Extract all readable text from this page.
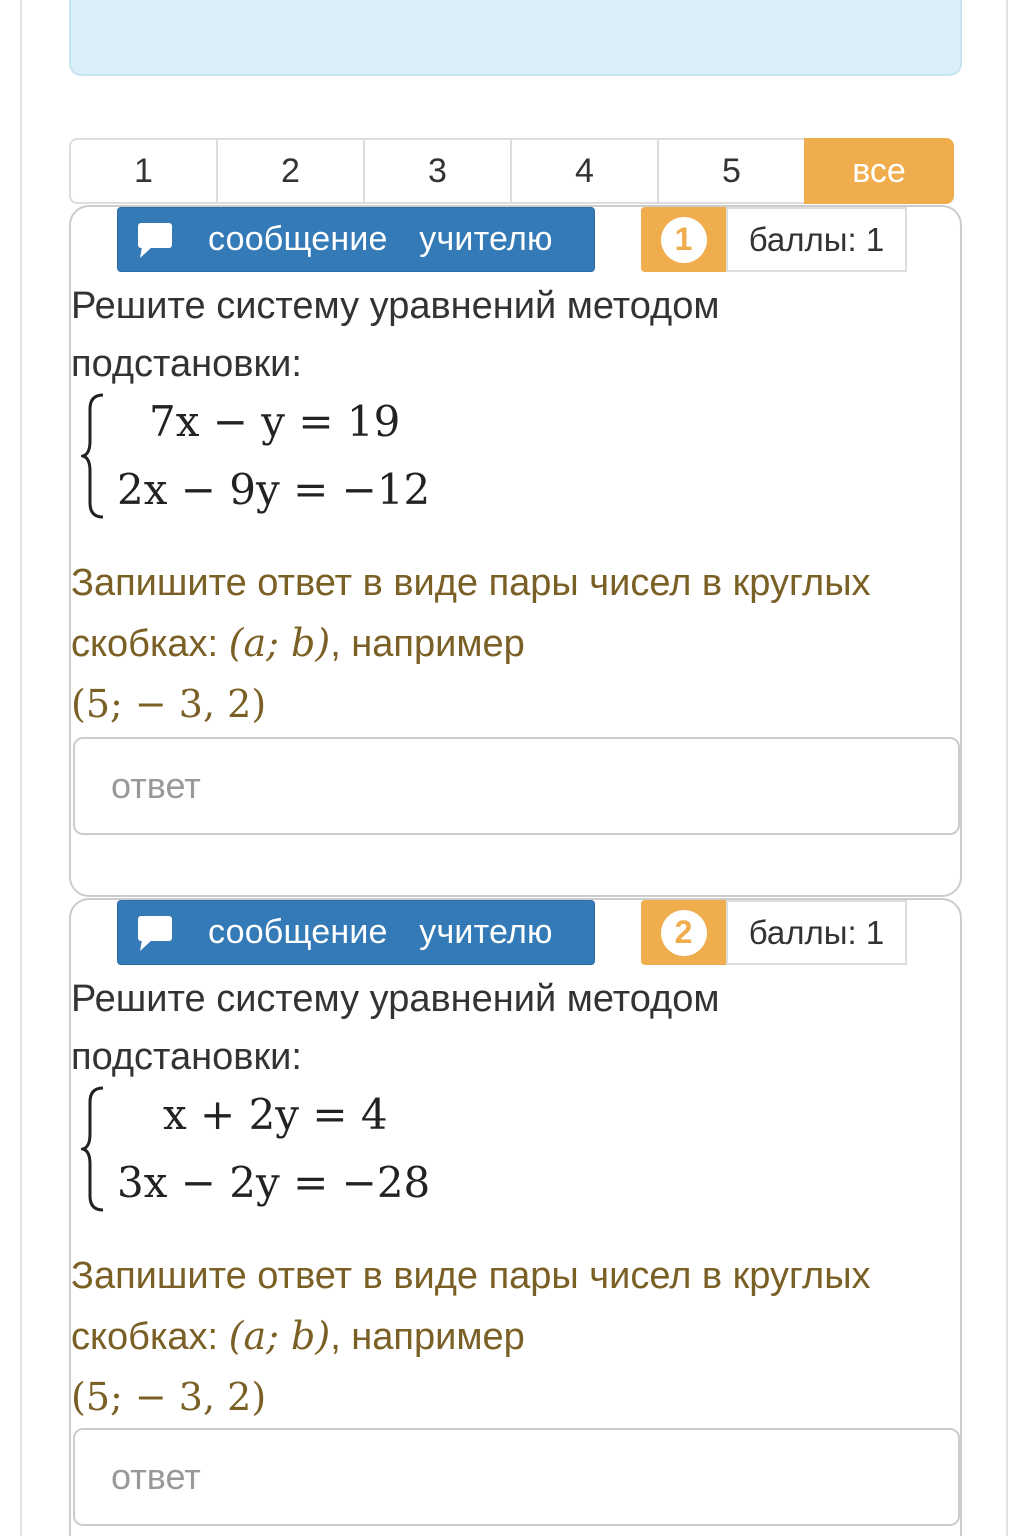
1	2	3	4	5	все
сообщение учителю	1	баллы: 1
Решите систему уравнений методом подстановки:
7x − y = 19
2x − 9y = −12
Запишите ответ в виде пары чисел в круглых скобках: (a; b), например
(5; − 3, 2)
ответ
сообщение учителю	2	баллы: 1
Решите систему уравнений методом подстановки:
x + 2y = 4
3x − 2y = −28
Запишите ответ в виде пары чисел в круглых скобках: (a; b), например
(5; − 3, 2)
ответ
